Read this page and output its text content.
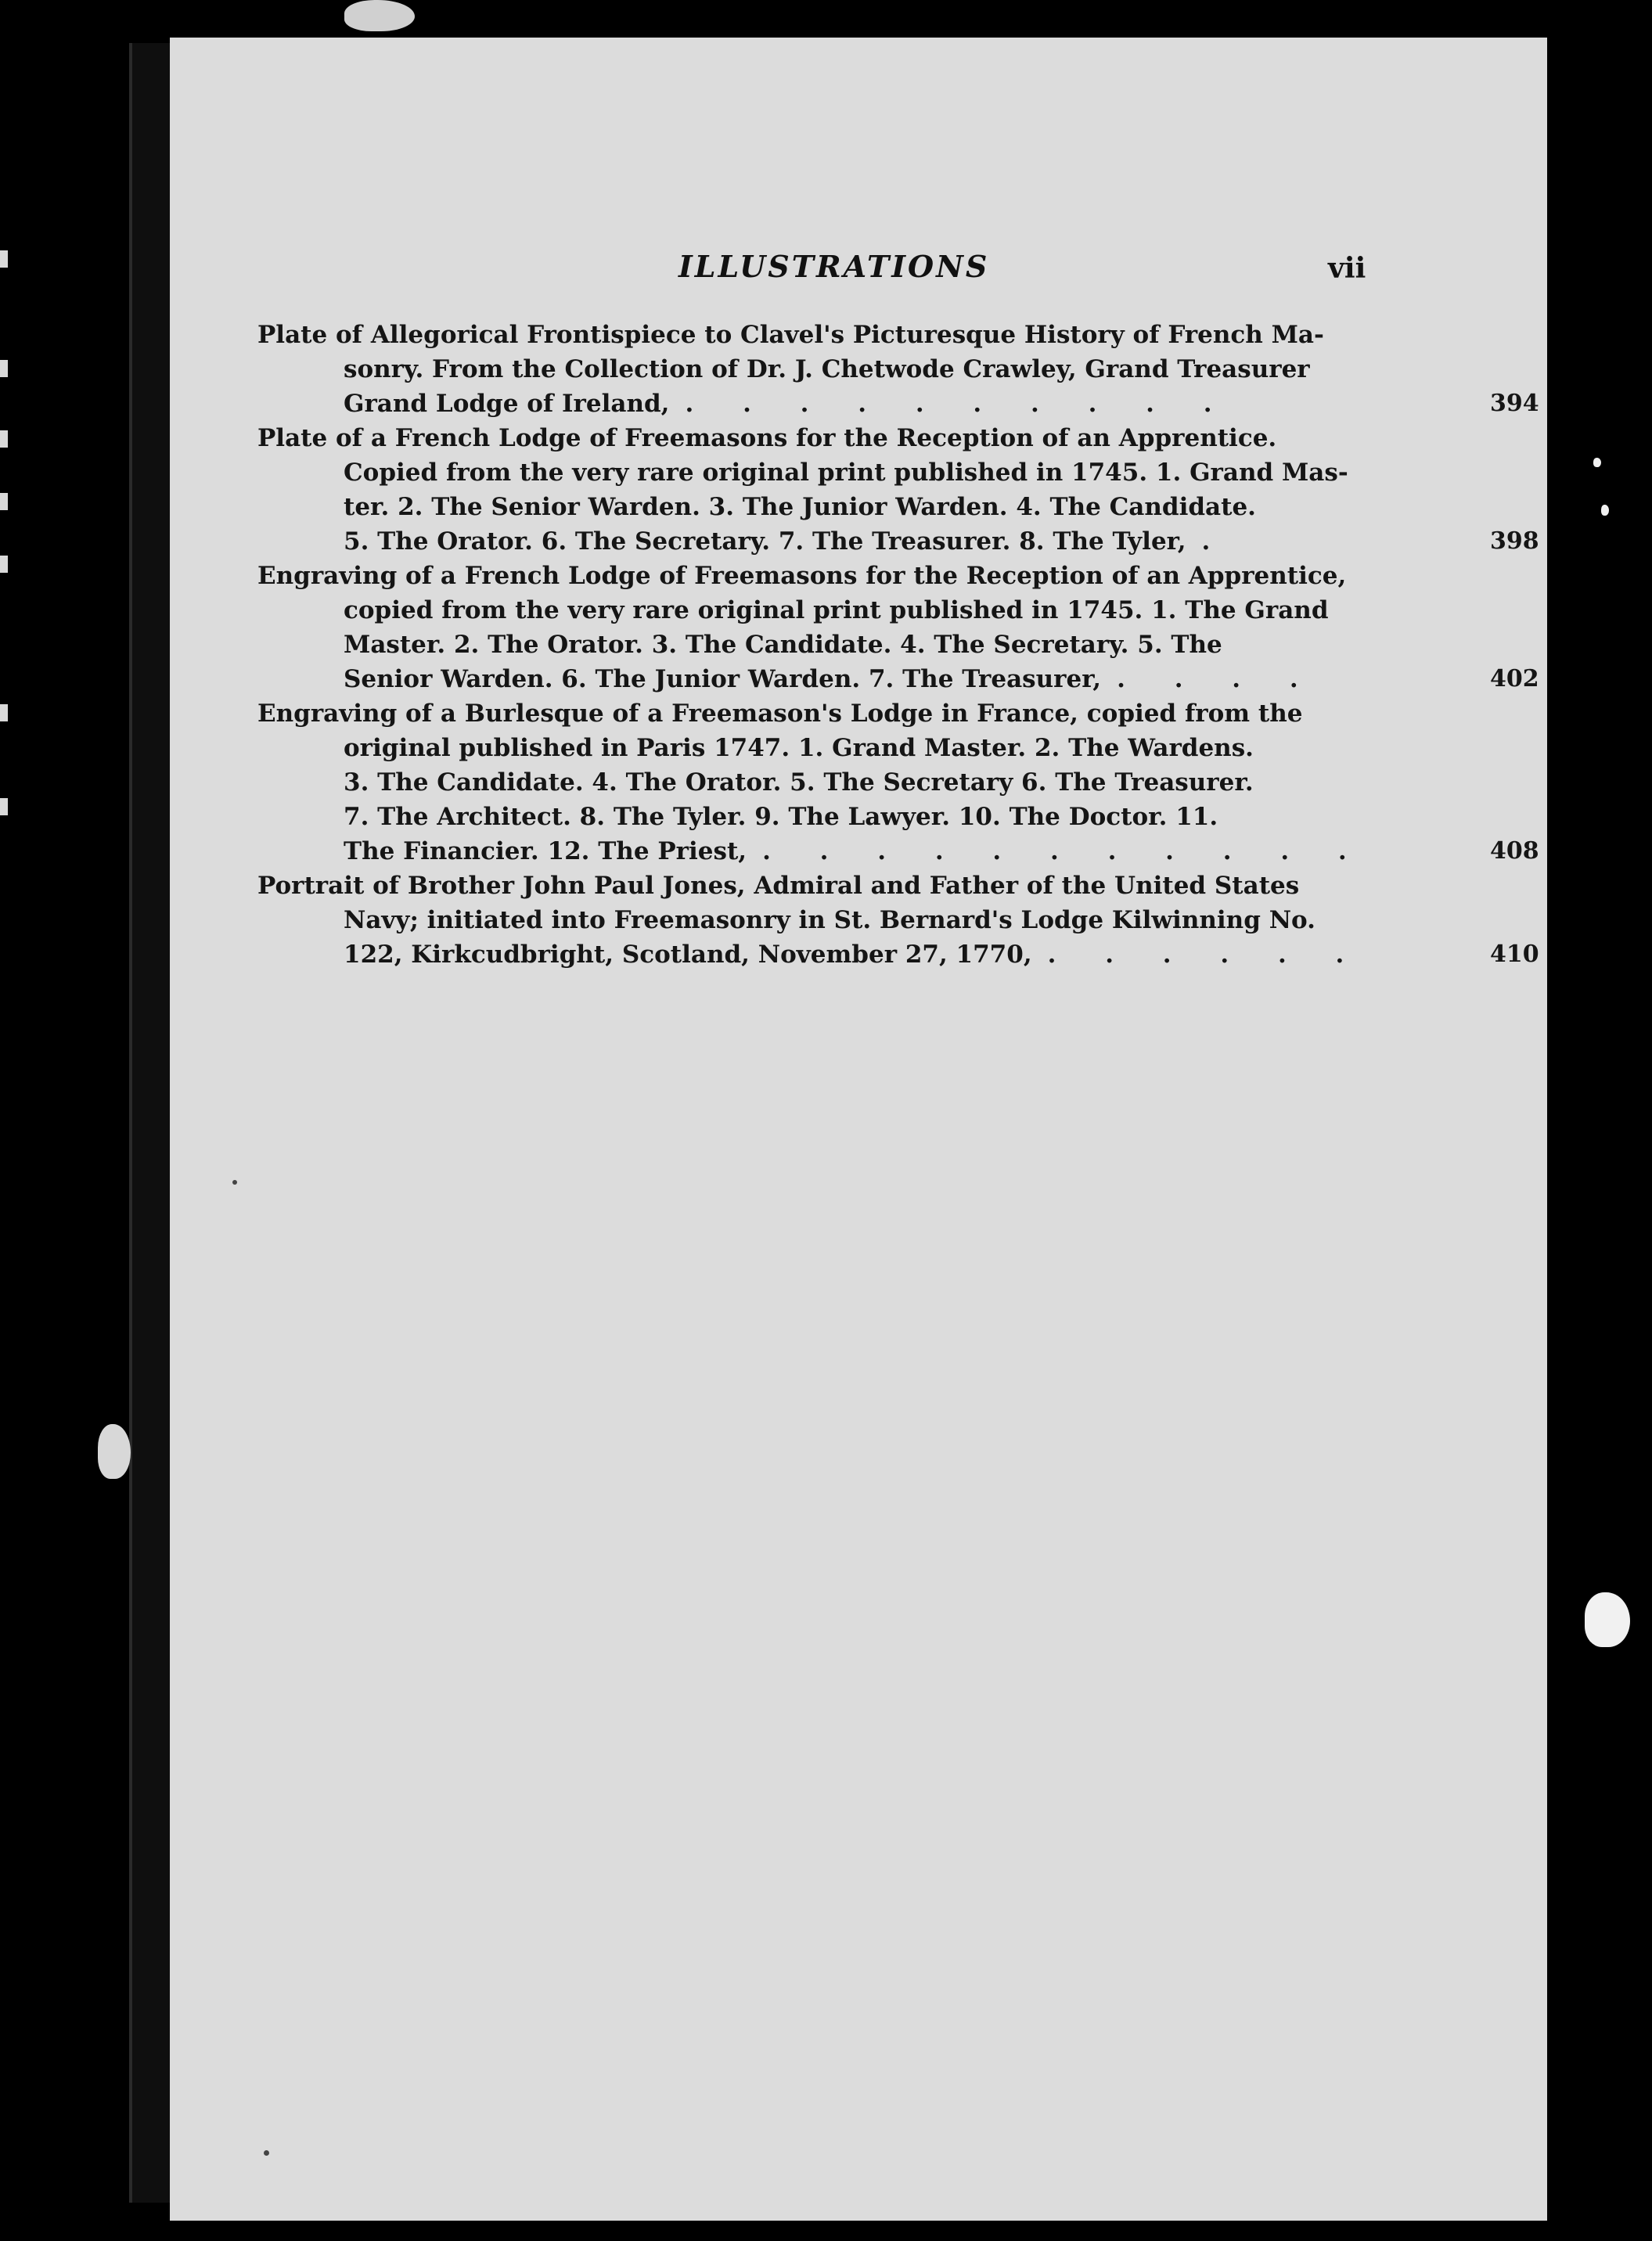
ILLUSTRATIONS	vii
Plate of Allegorical Frontispiece to Clavel's Picturesque History of French Ma-
sonry. From the Collection of Dr. J. Chetwode Crawley, Grand Treasurer
Grand Lodge of Ireland, . . . . . . . . . .	394
Plate of a French Lodge of Freemasons for the Reception of an Apprentice.
Copied from the very rare original print published in 1745. 1. Grand Mas-
ter. 2. The Senior Warden. 3. The Junior Warden. 4. The Candidate.
5. The Orator. 6. The Secretary. 7. The Treasurer. 8. The Tyler, .	398
Engraving of a French Lodge of Freemasons for the Reception of an Apprentice,
copied from the very rare original print published in 1745. 1. The Grand
Master. 2. The Orator. 3. The Candidate. 4. The Secretary. 5. The
Senior Warden. 6. The Junior Warden. 7. The Treasurer, . . . .	402
Engraving of a Burlesque of a Freemason's Lodge in France, copied from the
original published in Paris 1747. 1. Grand Master. 2. The Wardens.
3. The Candidate. 4. The Orator. 5. The Secretary 6. The Treasurer.
7. The Architect. 8. The Tyler. 9. The Lawyer. 10. The Doctor. 11.
The Financier. 12. The Priest, . . . . . . . . . . .	408
Portrait of Brother John Paul Jones, Admiral and Father of the United States
Navy; initiated into Freemasonry in St. Bernard's Lodge Kilwinning No.
122, Kirkcudbright, Scotland, November 27, 1770, . . . . . .	410
